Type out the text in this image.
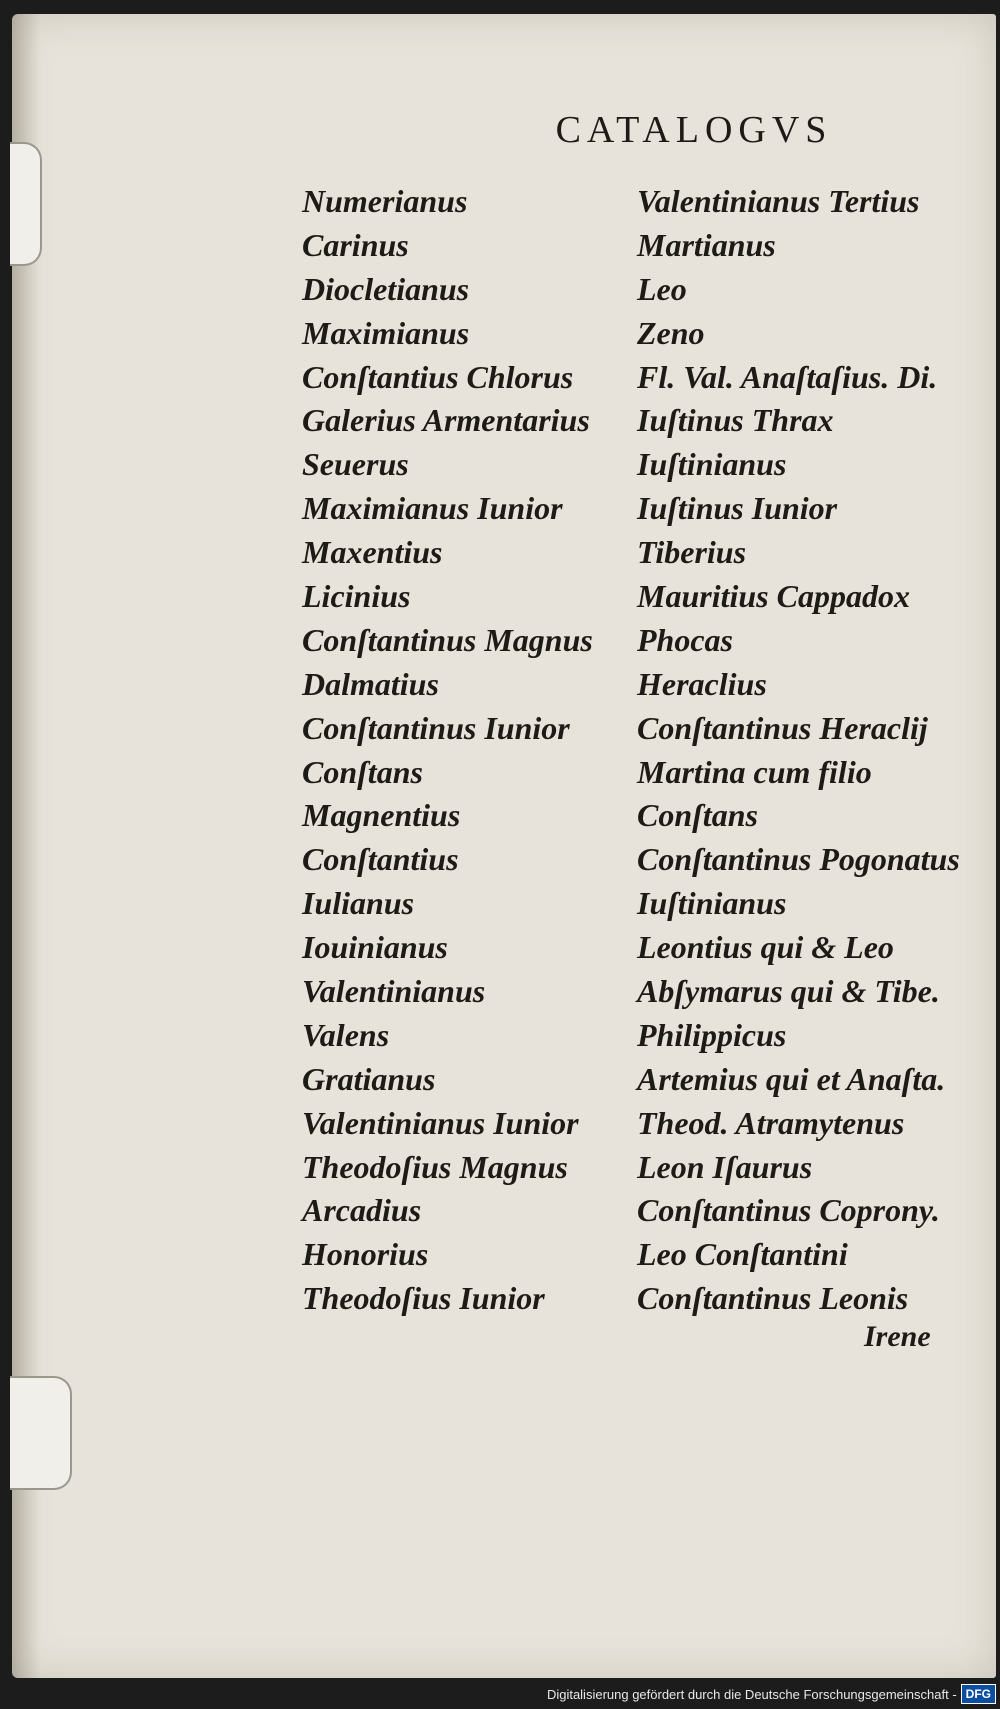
CATALOGVS
Numerianus
Carinus
Diocletianus
Maximianus
Conſtantius Chlorus
Galerius Armentarius
Seuerus
Maximianus Iunior
Maxentius
Licinius
Conſtantinus Magnus
Dalmatius
Conſtantinus Iunior
Conſtans
Magnentius
Conſtantius
Iulianus
Iouinianus
Valentinianus
Valens
Gratianus
Valentinianus Iunior
Theodoſius Magnus
Arcadius
Honorius
Theodoſius Iunior
Valentinianus Tertius
Martianus
Leo
Zeno
Fl. Val. Anaſtaſius. Di.
Iuſtinus Thrax
Iuſtinianus
Iuſtinus Iunior
Tiberius
Mauritius Cappadox
Phocas
Heraclius
Conſtantinus Heraclij
Martina cum filio
Conſtans
Conſtantinus Pogonatus
Iuſtinianus
Leontius qui & Leo
Abſymarus qui & Tibe.
Philippicus
Artemius qui et Anaſta.
Theod. Atramytenus
Leon Iſaurus
Conſtantinus Coprony.
Leo Conſtantini
Conſtantinus Leonis
Irene
Digitalisierung gefördert durch die Deutsche Forschungsgemeinschaft - DFG
